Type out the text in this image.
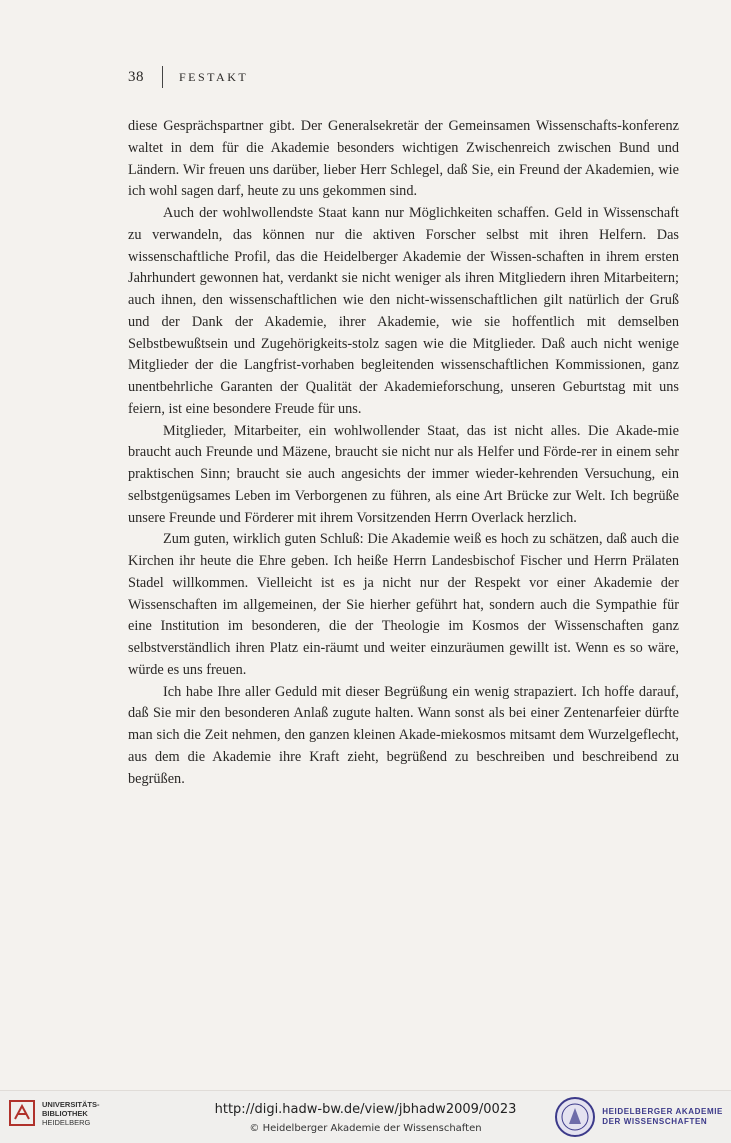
38	FESTAKT

diese Gesprächspartner gibt. Der Generalsekretär der Gemeinsamen Wissenschafts-konferenz waltet in dem für die Akademie besonders wichtigen Zwischenreich zwischen Bund und Ländern. Wir freuen uns darüber, lieber Herr Schlegel, daß Sie, ein Freund der Akademien, wie ich wohl sagen darf, heute zu uns gekommen sind.

Auch der wohlwollendste Staat kann nur Möglichkeiten schaffen. Geld in Wissenschaft zu verwandeln, das können nur die aktiven Forscher selbst mit ihren Helfern. Das wissenschaftliche Profil, das die Heidelberger Akademie der Wissen-schaften in ihrem ersten Jahrhundert gewonnen hat, verdankt sie nicht weniger als ihren Mitgliedern ihren Mitarbeitern; auch ihnen, den wissenschaftlichen wie den nicht-wissenschaftlichen gilt natürlich der Gruß und der Dank der Akademie, ihrer Akademie, wie sie hoffentlich mit demselben Selbstbewußtsein und Zugehörigkeits-stolz sagen wie die Mitglieder. Daß auch nicht wenige Mitglieder der die Langfrist-vorhaben begleitenden wissenschaftlichen Kommissionen, ganz unentbehrliche Garanten der Qualität der Akademieforschung, unseren Geburtstag mit uns feiern, ist eine besondere Freude für uns.

Mitglieder, Mitarbeiter, ein wohlwollender Staat, das ist nicht alles. Die Akade-mie braucht auch Freunde und Mäzene, braucht sie nicht nur als Helfer und Förde-rer in einem sehr praktischen Sinn; braucht sie auch angesichts der immer wieder-kehrenden Versuchung, ein selbstgenügsames Leben im Verborgenen zu führen, als eine Art Brücke zur Welt. Ich begrüße unsere Freunde und Förderer mit ihrem Vorsitzenden Herrn Overlack herzlich.

Zum guten, wirklich guten Schluß: Die Akademie weiß es hoch zu schätzen, daß auch die Kirchen ihr heute die Ehre geben. Ich heiße Herrn Landesbischof Fischer und Herrn Prälaten Stadel willkommen. Vielleicht ist es ja nicht nur der Respekt vor einer Akademie der Wissenschaften im allgemeinen, der Sie hierher geführt hat, sondern auch die Sympathie für eine Institution im besonderen, die der Theologie im Kosmos der Wissenschaften ganz selbstverständlich ihren Platz ein-räumt und weiter einzuräumen gewillt ist. Wenn es so wäre, würde es uns freuen.

Ich habe Ihre aller Geduld mit dieser Begrüßung ein wenig strapaziert. Ich hoffe darauf, daß Sie mir den besonderen Anlaß zugute halten. Wann sonst als bei einer Zentenarfeier dürfte man sich die Zeit nehmen, den ganzen kleinen Akade-miekosmos mitsamt dem Wurzelgeflecht, aus dem die Akademie ihre Kraft zieht, begrüßend zu beschreiben und beschreibend zu begrüßen.

UNIVERSITÄTS-
BIBLIOTHEK
HEIDELBERG
http://digi.hadw-bw.de/view/jbhadw2009/0023
© Heidelberger Akademie der Wissenschaften
HEIDELBERGER AKADEMIE
DER WISSENSCHAFTEN
